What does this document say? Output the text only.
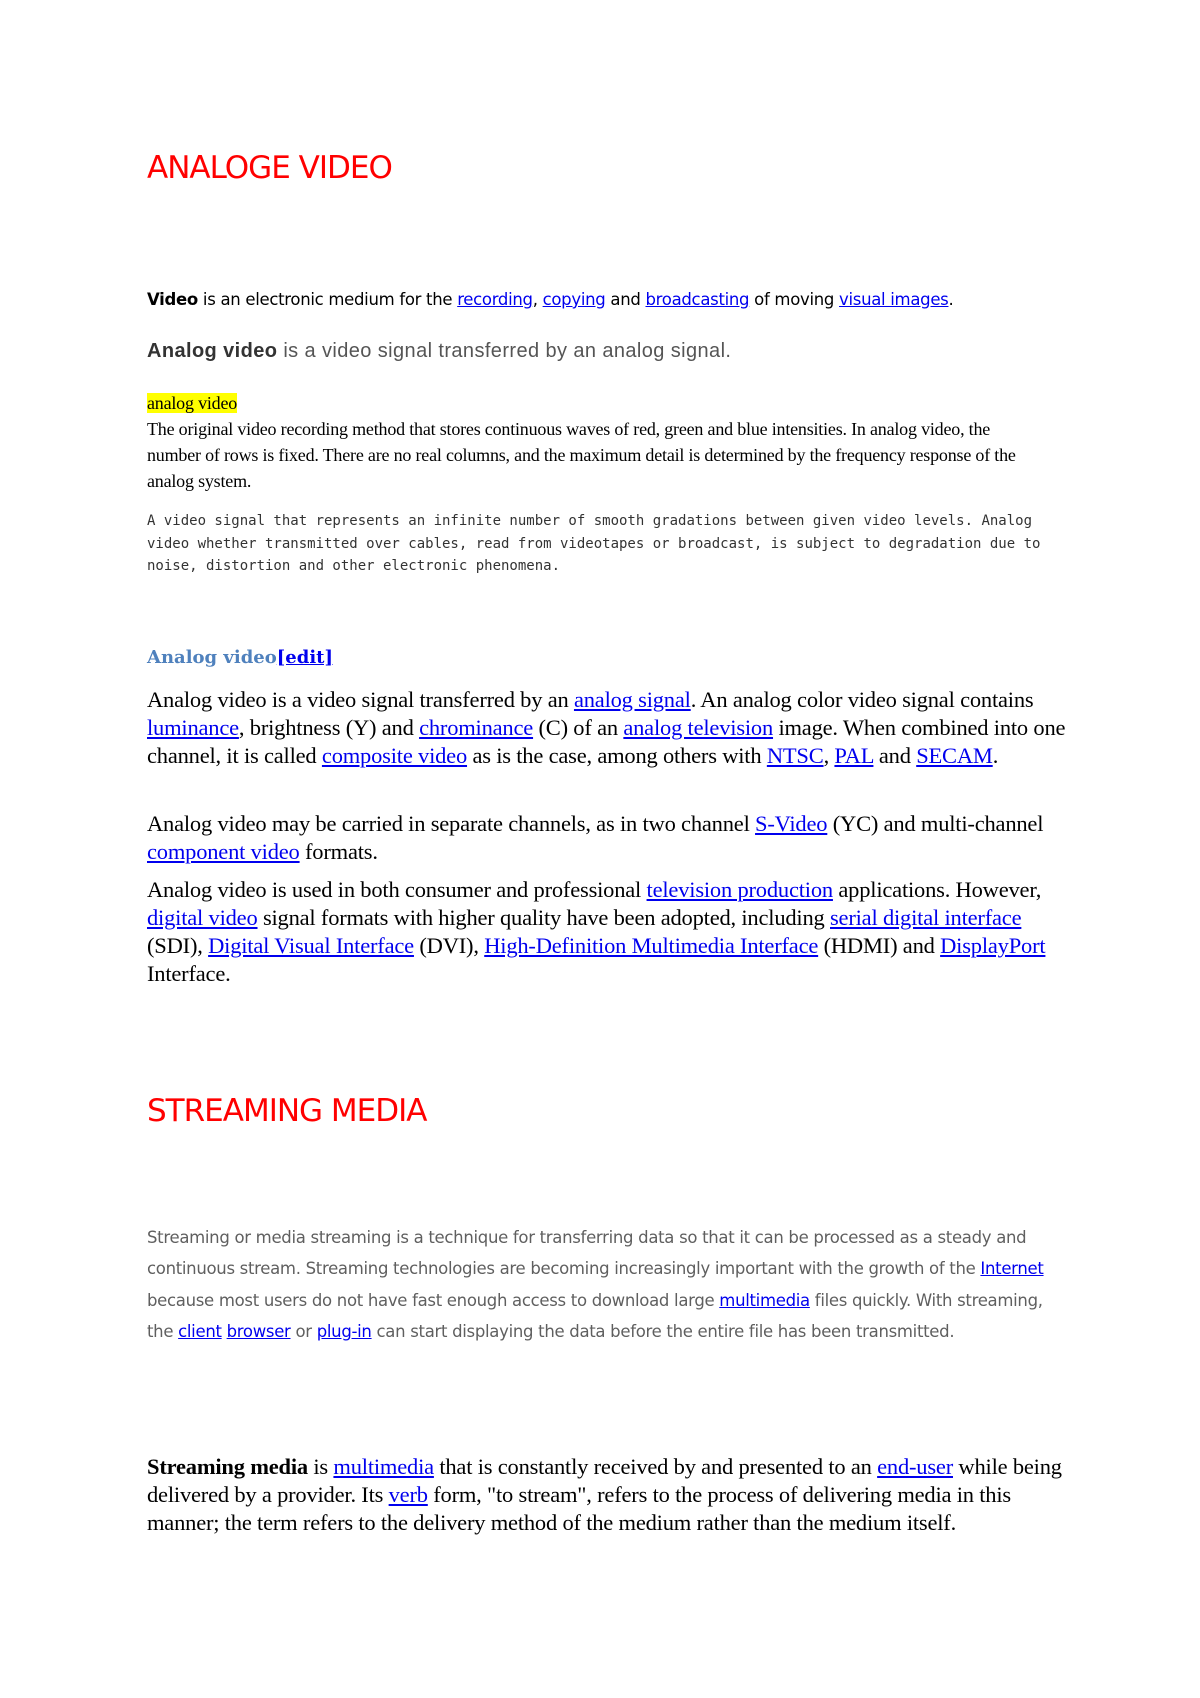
ANALOGE VIDEO

Video is an electronic medium for the recording, copying and broadcasting of moving visual images.

Analog video is a video signal transferred by an analog signal.

analog video
The original video recording method that stores continuous waves of red, green and blue intensities. In analog video, the number of rows is fixed. There are no real columns, and the maximum detail is determined by the frequency response of the analog system.

A video signal that represents an infinite number of smooth gradations between given video levels. Analog video whether transmitted over cables, read from videotapes or broadcast, is subject to degradation due to noise, distortion and other electronic phenomena.

Analog video[edit]

Analog video is a video signal transferred by an analog signal. An analog color video signal contains luminance, brightness (Y) and chrominance (C) of an analog television image. When combined into one channel, it is called composite video as is the case, among others with NTSC, PAL and SECAM.

Analog video may be carried in separate channels, as in two channel S-Video (YC) and multi-channel component video formats.

Analog video is used in both consumer and professional television production applications. However, digital video signal formats with higher quality have been adopted, including serial digital interface (SDI), Digital Visual Interface (DVI), High-Definition Multimedia Interface (HDMI) and DisplayPort Interface.

STREAMING MEDIA

Streaming or media streaming is a technique for transferring data so that it can be processed as a steady and continuous stream. Streaming technologies are becoming increasingly important with the growth of the Internet because most users do not have fast enough access to download large multimedia files quickly. With streaming, the client browser or plug-in can start displaying the data before the entire file has been transmitted.

Streaming media is multimedia that is constantly received by and presented to an end-user while being delivered by a provider. Its verb form, "to stream", refers to the process of delivering media in this manner; the term refers to the delivery method of the medium rather than the medium itself.
